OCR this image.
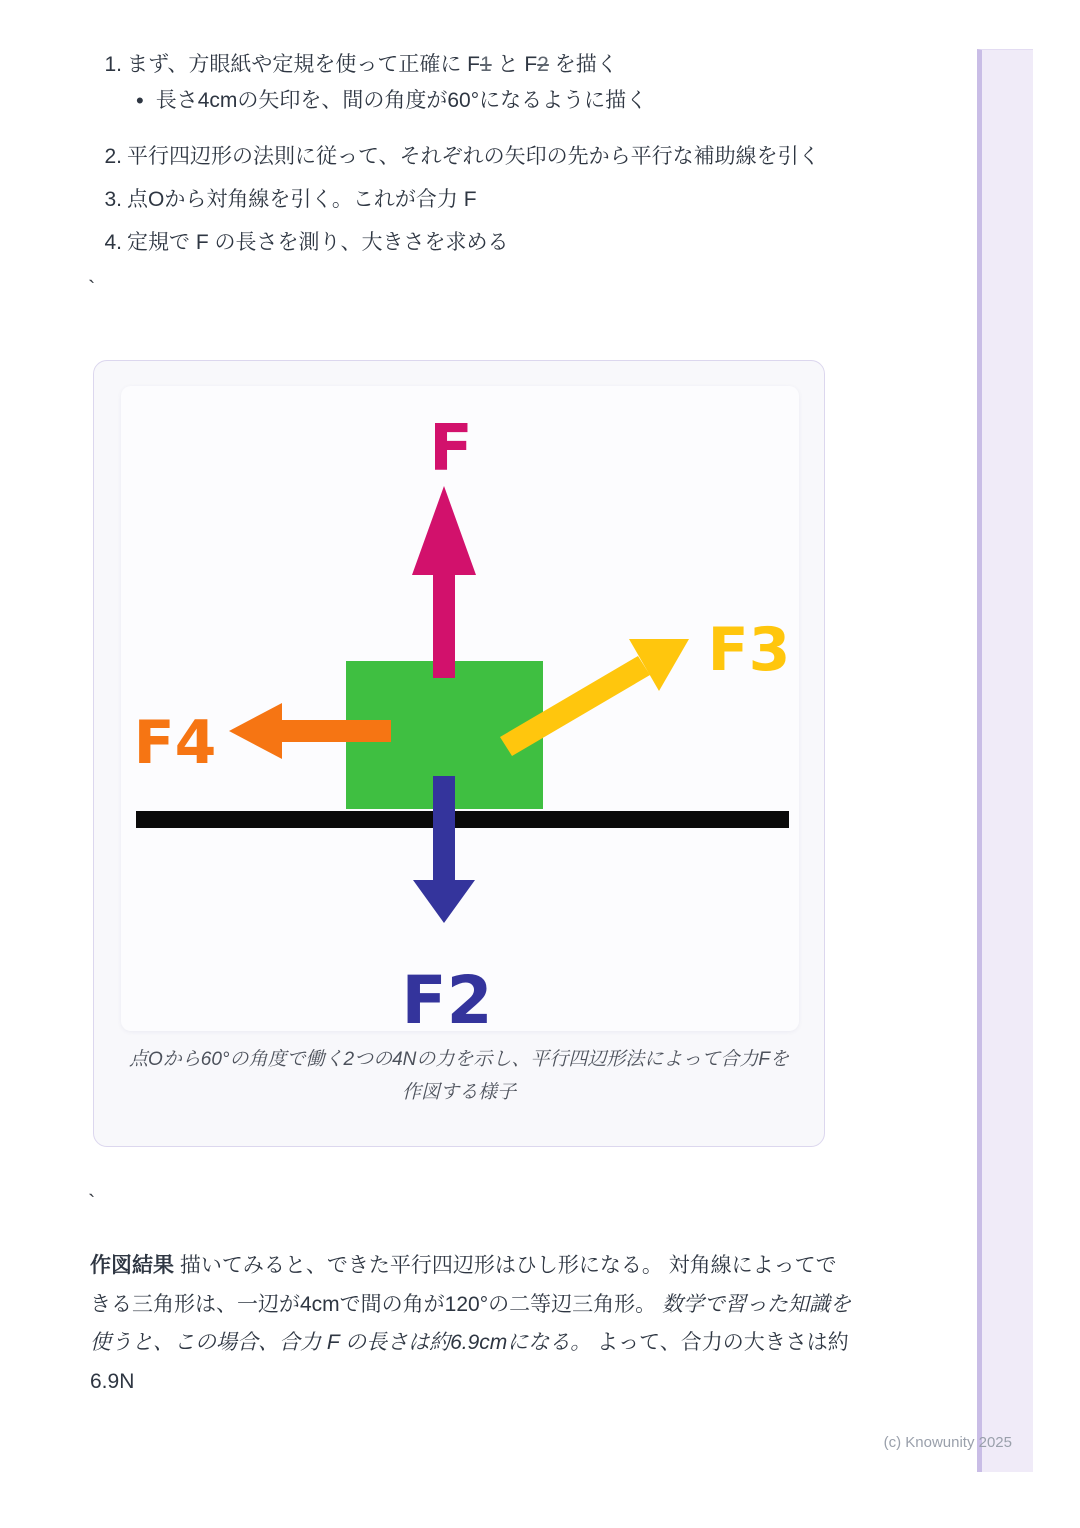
1. まず、方眼紙や定規を使って正確に F1 と F2 を描く
• 長さ4cmの矢印を、間の角度が60°になるように描く
2. 平行四辺形の法則に従って、それぞれの矢印の先から平行な補助線を引く
3. 点Oから対角線を引く。これが合力 F
4. 定規で F の長さを測り、大きさを求める
`
`
F
F3
F4
F2
点Oから60°の角度で働く2つの4Nの力を示し、平行四辺形法によって合力Fを
作図する様子

作図結果 描いてみると、できた平行四辺形はひし形になる。 対角線によってできる三角形は、一辺が4cmで間の角が120°の二等辺三角形。 数学で習った知識を使うと、この場合、合力 F の長さは約6.9cmになる。 よって、合力の大きさは約6.9N

(c) Knowunity 2025
